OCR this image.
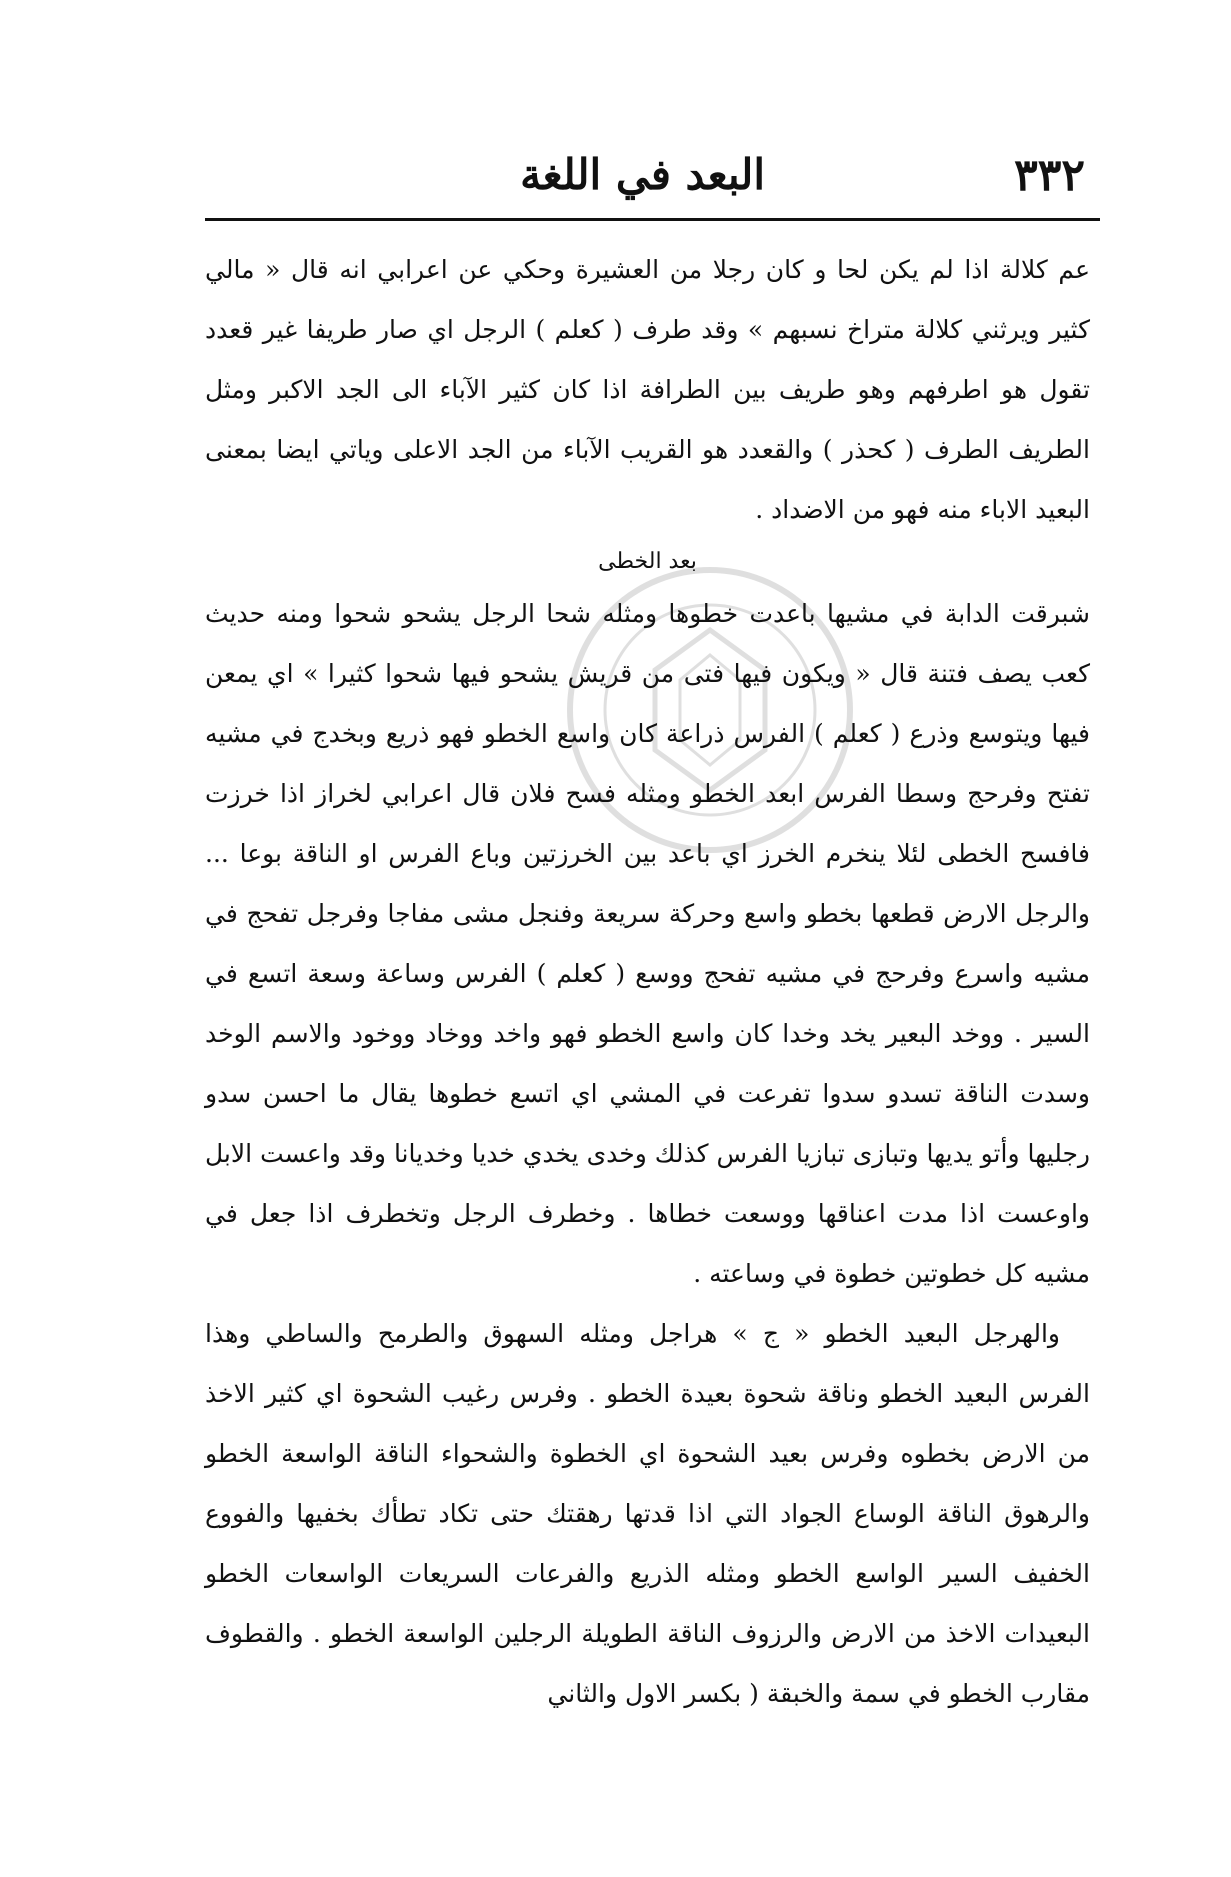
٣٣٢
البعد في اللغة

عم كلالة اذا لم يكن لحا و كان رجلا من العشيرة وحكي عن اعرابي انه قال « مالي كثير ويرثني كلالة متراخ نسبهم » وقد طرف ( كعلم ) الرجل اي صار طريفا غير قعدد تقول هو اطرفهم وهو طريف بين الطرافة اذا كان كثير الآباء الى الجد الاكبر ومثل الطريف الطرف ( كحذر ) والقعدد هو القريب الآباء من الجد الاعلى وياتي ايضا بمعنى البعيد الاباء منه فهو من الاضداد .

بعد الخطى

شبرقت الدابة في مشيها باعدت خطوها ومثله شحا الرجل يشحو شحوا ومنه حديث كعب يصف فتنة قال « ويكون فيها فتى من قريش يشحو فيها شحوا كثيرا » اي يمعن فيها ويتوسع وذرع ( كعلم ) الفرس ذراعة كان واسع الخطو فهو ذريع وبخدج في مشيه تفتح وفرحج وسطا الفرس ابعد الخطو ومثله فسح فلان قال اعرابي لخراز اذا خرزت فافسح الخطى لئلا ينخرم الخرز اي باعد بين الخرزتين وباع الفرس او الناقة بوعا ... والرجل الارض قطعها بخطو واسع وحركة سريعة وفنجل مشى مفاجا وفرجل تفحج في مشيه واسرع وفرحج في مشيه تفحج ووسع ( كعلم ) الفرس وساعة وسعة اتسع في السير . ووخد البعير يخد وخدا كان واسع الخطو فهو واخد ووخاد ووخود والاسم الوخد وسدت الناقة تسدو سدوا تفرعت في المشي اي اتسع خطوها يقال ما احسن سدو رجليها وأتو يديها وتبازى تبازيا الفرس كذلك وخدى يخدي خديا وخديانا وقد واعست الابل واوعست اذا مدت اعناقها ووسعت خطاها . وخطرف الرجل وتخطرف اذا جعل في مشيه كل خطوتين خطوة في وساعته .

والهرجل البعيد الخطو « ج » هراجل ومثله السهوق والطرمح والساطي وهذا الفرس البعيد الخطو وناقة شحوة بعيدة الخطو . وفرس رغيب الشحوة اي كثير الاخذ من الارض بخطوه وفرس بعيد الشحوة اي الخطوة والشحواء الناقة الواسعة الخطو والرهوق الناقة الوساع الجواد التي اذا قدتها رهقتك حتى تكاد تطأك بخفيها والفووع الخفيف السير الواسع الخطو ومثله الذريع والفرعات السريعات الواسعات الخطو البعيدات الاخذ من الارض والرزوف الناقة الطويلة الرجلين الواسعة الخطو . والقطوف مقارب الخطو في سمة والخبقة ( بكسر الاول والثاني
